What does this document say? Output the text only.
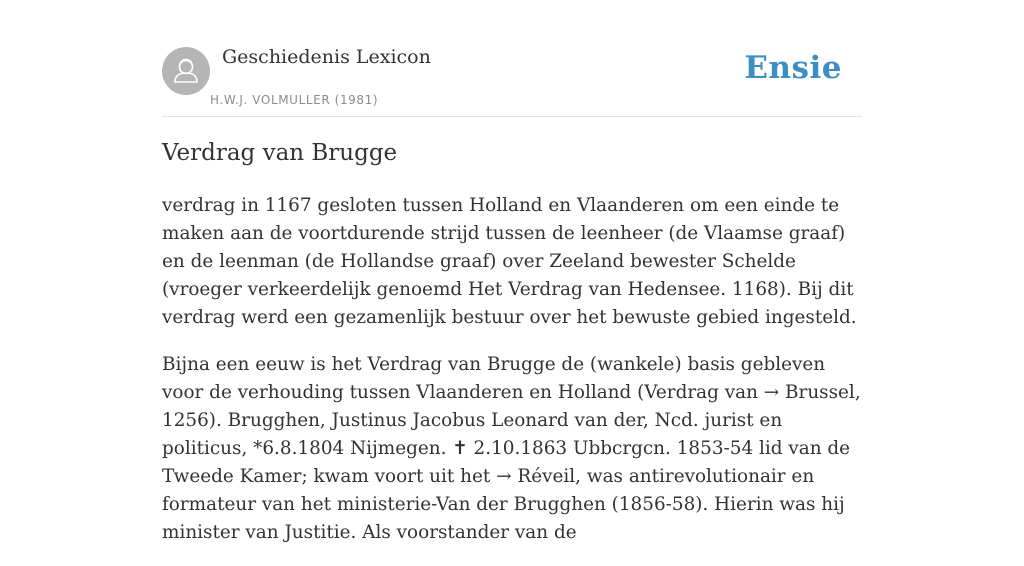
Geschiedenis Lexicon
H.W.J. VOLMULLER (1981)
Ensie
Verdrag van Brugge

verdrag in 1167 gesloten tussen Holland en Vlaanderen om een einde te maken aan de voortdurende strijd tussen de leenheer (de Vlaamse graaf) en de leenman (de Hollandse graaf) over Zeeland bewester Schelde (vroeger verkeerdelijk genoemd Het Verdrag van Hedensee. 1168). Bij dit verdrag werd een gezamenlijk bestuur over het bewuste gebied ingesteld.

Bijna een eeuw is het Verdrag van Brugge de (wankele) basis gebleven voor de verhouding tussen Vlaanderen en Holland (Verdrag van → Brussel, 1256). Brugghen, Justinus Jacobus Leonard van der, Ncd. jurist en politicus, *6.8.1804 Nijmegen. ✝ 2.10.1863 Ubbcrgcn. 1853-54 lid van de Tweede Kamer; kwam voort uit het → Réveil, was antirevolutionair en formateur van het ministerie-Van der Brugghen (1856-58). Hierin was hij minister van Justitie. Als voorstander van de
